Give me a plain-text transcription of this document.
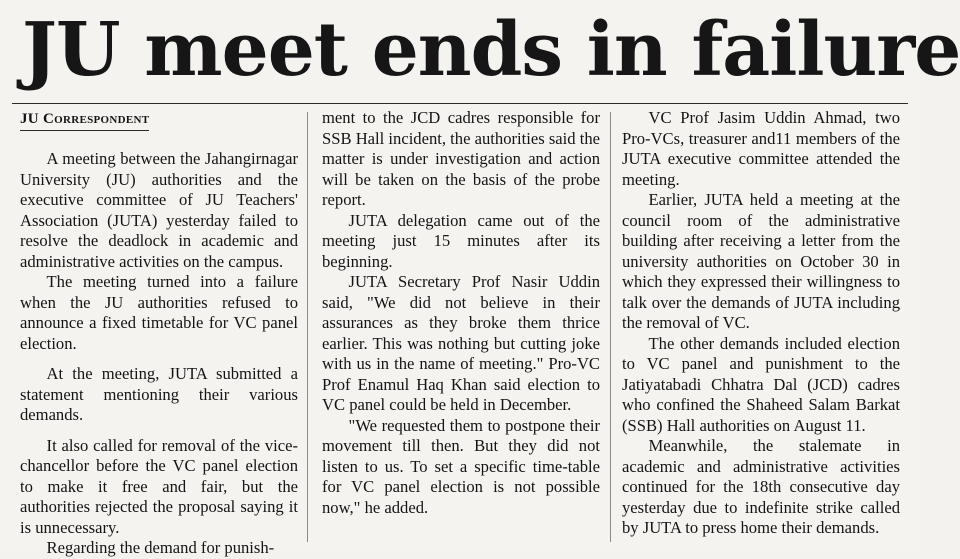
JU meet ends in failure
JU Correspondent

A meeting between the Jahangirnagar University (JU) authorities and the executive committee of JU Teachers' Association (JUTA) yesterday failed to resolve the deadlock in academic and administrative activities on the campus.

The meeting turned into a failure when the JU authorities refused to announce a fixed timetable for VC panel election.

At the meeting, JUTA submitted a statement mentioning their various demands.

It also called for removal of the vice-chancellor before the VC panel election to make it free and fair, but the authorities rejected the proposal saying it is unnecessary.

Regarding the demand for punish-

ment to the JCD cadres responsible for SSB Hall incident, the authorities said the matter is under investigation and action will be taken on the basis of the probe report.

JUTA delegation came out of the meeting just 15 minutes after its beginning.

JUTA Secretary Prof Nasir Uddin said, "We did not believe in their assurances as they broke them thrice earlier. This was nothing but cutting joke with us in the name of meeting." Pro-VC Prof Enamul Haq Khan said election to VC panel could be held in December.

"We requested them to postpone their movement till then. But they did not listen to us. To set a specific time-table for VC panel election is not possible now," he added.

VC Prof Jasim Uddin Ahmad, two Pro-VCs, treasurer and11 members of the JUTA executive committee attended the meeting.

Earlier, JUTA held a meeting at the council room of the administrative building after receiving a letter from the university authorities on October 30 in which they expressed their willingness to talk over the demands of JUTA including the removal of VC.

The other demands included election to VC panel and punishment to the Jatiyatabadi Chhatra Dal (JCD) cadres who confined the Shaheed Salam Barkat (SSB) Hall authorities on August 11.

Meanwhile, the stalemate in academic and administrative activities continued for the 18th consecutive day yesterday due to indefinite strike called by JUTA to press home their demands.
